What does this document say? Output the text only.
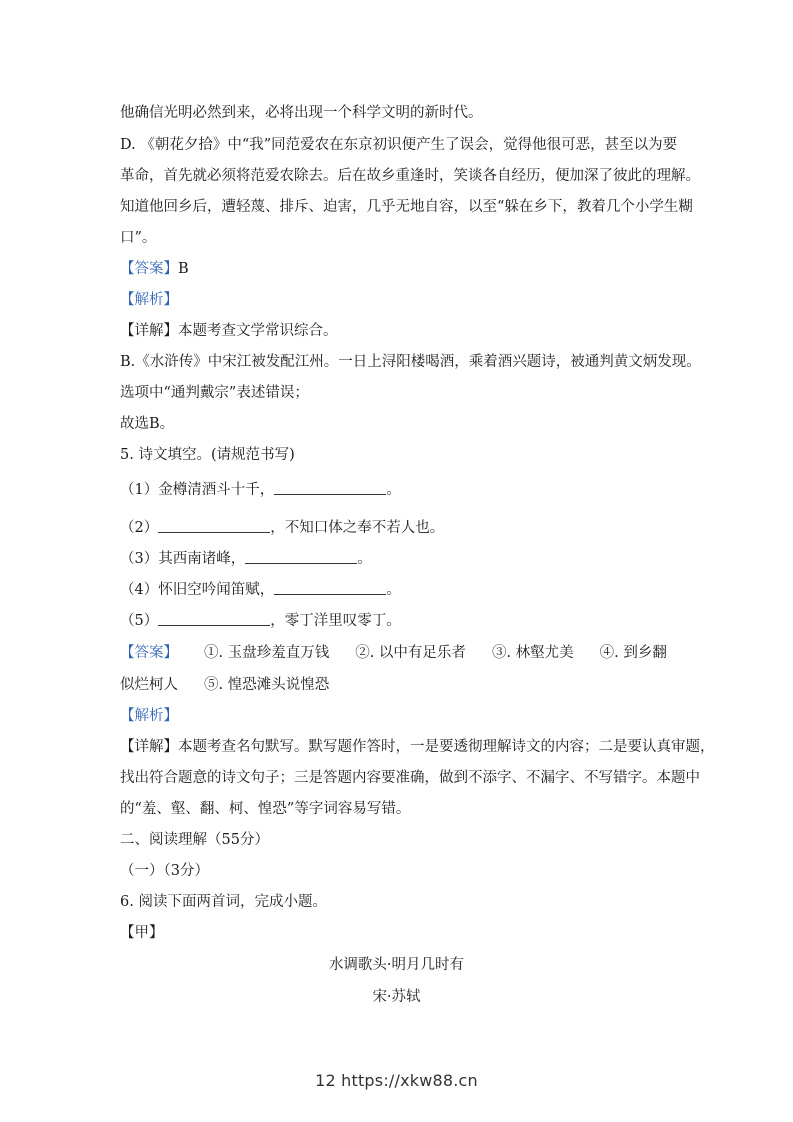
他确信光明必然到来，必将出现一个科学文明的新时代。
D. 《朝花夕拾》中“我”同范爱农在东京初识便产生了误会，觉得他很可恶，甚至以为要
革命，首先就必须将范爱农除去。后在故乡重逢时，笑谈各自经历，便加深了彼此的理解。
知道他回乡后，遭轻蔑、排斥、迫害，几乎无地自容，以至“躲在乡下，教着几个小学生糊
口”。
【答案】B
【解析】
【详解】本题考查文学常识综合。
B.《水浒传》中宋江被发配江州。一日上浔阳楼喝酒，乘着酒兴题诗，被通判黄文炳发现。
选项中“通判戴宗”表述错误；
故选B。
5. 诗文填空。(请规范书写)
（1）金樽清酒斗十千，	。
（2）	，不知口体之奉不若人也。
（3）其西南诸峰，	。
（4）怀旧空吟闻笛赋，	。
（5）	，零丁洋里叹零丁。
【答案】 ①. 玉盘珍羞直万钱 ②. 以中有足乐者 ③. 林壑尤美 ④. 到乡翻
似烂柯人 ⑤. 惶恐滩头说惶恐
【解析】
【详解】本题考查名句默写。默写题作答时，一是要透彻理解诗文的内容；二是要认真审题，
找出符合题意的诗文句子；三是答题内容要准确，做到不添字、不漏字、不写错字。本题中
的“羞、壑、翻、柯、惶恐”等字词容易写错。
二、阅读理解（55分）
（一）（3分）
6. 阅读下面两首词，完成小题。
【甲】
水调歌头·明月几时有
宋·苏轼
12 https://xkw88.cn
